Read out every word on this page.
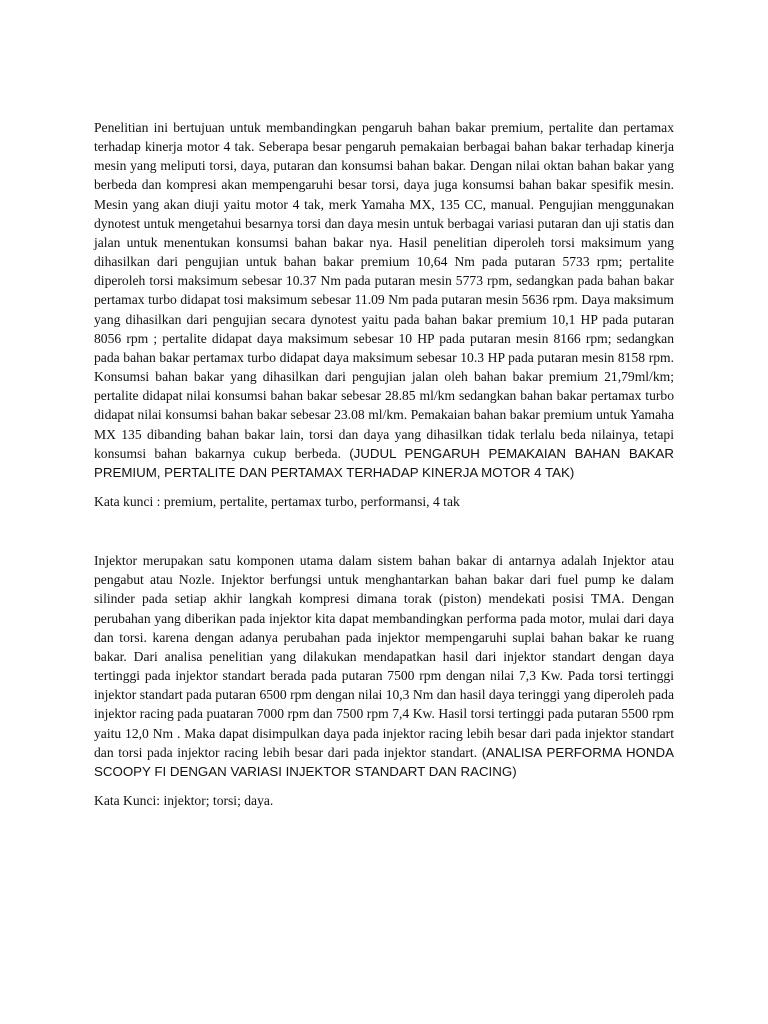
Penelitian ini bertujuan untuk membandingkan pengaruh bahan bakar premium, pertalite dan pertamax terhadap kinerja motor 4 tak. Seberapa besar pengaruh pemakaian berbagai bahan bakar terhadap kinerja mesin yang meliputi torsi, daya, putaran dan konsumsi bahan bakar. Dengan nilai oktan bahan bakar yang berbeda dan kompresi akan mempengaruhi besar torsi, daya juga konsumsi bahan bakar spesifik mesin. Mesin yang akan diuji yaitu motor 4 tak, merk Yamaha MX, 135 CC, manual. Pengujian menggunakan dynotest untuk mengetahui besarnya torsi dan daya mesin untuk berbagai variasi putaran dan uji statis dan jalan untuk menentukan konsumsi bahan bakar nya. Hasil penelitian diperoleh torsi maksimum yang dihasilkan dari pengujian untuk bahan bakar premium 10,64 Nm pada putaran 5733 rpm; pertalite diperoleh torsi maksimum sebesar 10.37 Nm pada putaran mesin 5773 rpm, sedangkan pada bahan bakar pertamax turbo didapat tosi maksimum sebesar 11.09 Nm pada putaran mesin 5636 rpm. Daya maksimum yang dihasilkan dari pengujian secara dynotest yaitu pada bahan bakar premium 10,1 HP pada putaran 8056 rpm ; pertalite didapat daya maksimum sebesar 10 HP pada putaran mesin 8166 rpm; sedangkan pada bahan bakar pertamax turbo didapat daya maksimum sebesar 10.3 HP pada putaran mesin 8158 rpm. Konsumsi bahan bakar yang dihasilkan dari pengujian jalan oleh bahan bakar premium 21,79ml/km; pertalite didapat nilai konsumsi bahan bakar sebesar 28.85 ml/km sedangkan bahan bakar pertamax turbo didapat nilai konsumsi bahan bakar sebesar 23.08 ml/km. Pemakaian bahan bakar premium untuk Yamaha MX 135 dibanding bahan bakar lain, torsi dan daya yang dihasilkan tidak terlalu beda nilainya, tetapi konsumsi bahan bakarnya cukup berbeda. (JUDUL PENGARUH PEMAKAIAN BAHAN BAKAR PREMIUM, PERTALITE DAN PERTAMAX TERHADAP KINERJA MOTOR 4 TAK)

Kata kunci : premium, pertalite, pertamax turbo, performansi, 4 tak

Injektor merupakan satu komponen utama dalam sistem bahan bakar di antarnya adalah Injektor atau pengabut atau Nozle. Injektor berfungsi untuk menghantarkan bahan bakar dari fuel pump ke dalam silinder pada setiap akhir langkah kompresi dimana torak (piston) mendekati posisi TMA. Dengan perubahan yang diberikan pada injektor kita dapat membandingkan performa pada motor, mulai dari daya dan torsi. karena dengan adanya perubahan pada injektor mempengaruhi suplai bahan bakar ke ruang bakar. Dari analisa penelitian yang dilakukan mendapatkan hasil dari injektor standart dengan daya tertinggi pada injektor standart berada pada putaran 7500 rpm dengan nilai 7,3 Kw. Pada torsi tertinggi injektor standart pada putaran 6500 rpm dengan nilai 10,3 Nm dan hasil daya teringgi yang diperoleh pada injektor racing pada puataran 7000 rpm dan 7500 rpm 7,4 Kw. Hasil torsi tertinggi pada putaran 5500 rpm yaitu 12,0 Nm . Maka dapat disimpulkan daya pada injektor racing lebih besar dari pada injektor standart dan torsi pada injektor racing lebih besar dari pada injektor standart. (ANALISA PERFORMA HONDA SCOOPY FI DENGAN VARIASI INJEKTOR STANDART DAN RACING)

Kata Kunci: injektor; torsi; daya.
